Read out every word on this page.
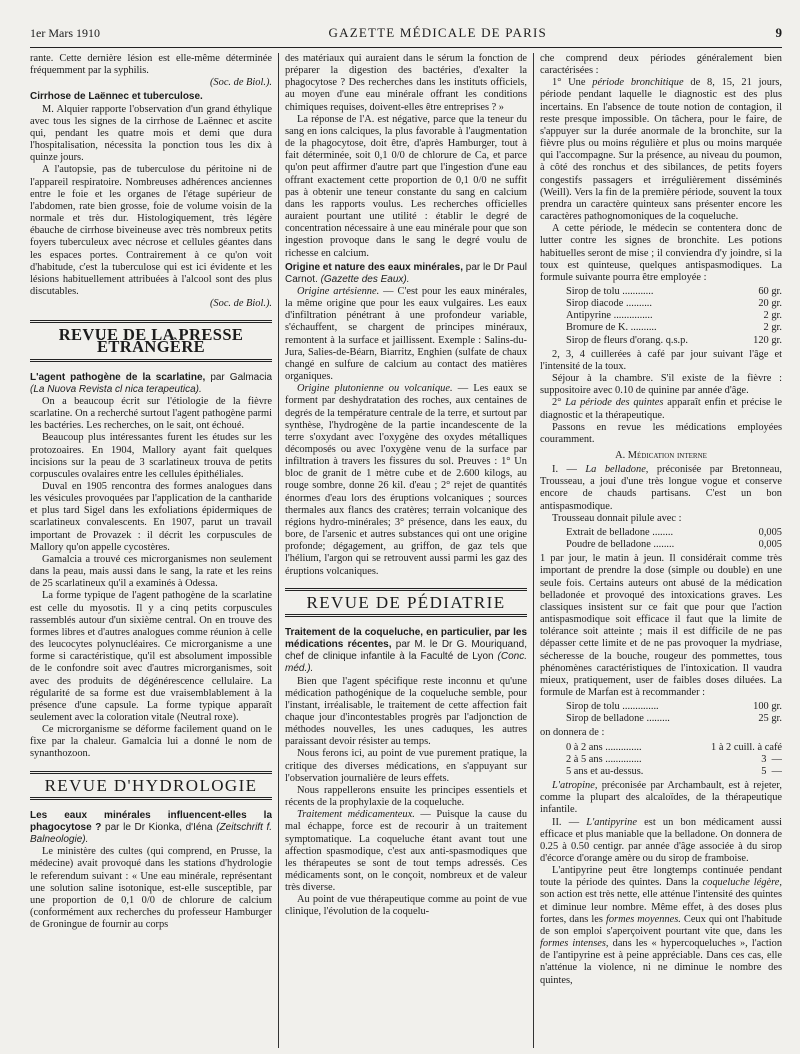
1er Mars 1910	GAZETTE MÉDICALE DE PARIS	9

rante. Cette dernière lésion est elle-même déterminée fréquemment par la syphilis.

(Soc. de Biol.).

Cirrhose de Laënnec et tuberculose.

M. Alquier rapporte l'observation d'un grand éthylique avec tous les signes de la cirrhose de Laënnec et ascite qui, pendant les quatre mois et demi que dura l'hospitalisation, nécessita la ponction tous les dix à quinze jours.

A l'autopsie, pas de tuberculose du péritoine ni de l'appareil respiratoire. Nombreuses adhérences anciennes entre le foie et les organes de l'étage supérieur de l'abdomen, rate bien grosse, foie de volume voisin de la normale et très dur. Histologiquement, très légère ébauche de cirrhose biveineuse avec très nombreux petits foyers tuberculeux avec nécrose et cellules géantes dans les espaces portes. Contrairement à ce qu'on voit d'habitude, c'est la tuberculose qui est ici évidente et les lésions habituellement attribuées à l'alcool sont des plus discutables.

(Soc. de Biol.).

REVUE DE LA PRESSE ÉTRANGÈRE

L'agent pathogène de la scarlatine, par Galmacia (La Nuova Revista cl nica terapeutica).

On a beaucoup écrit sur l'étiologie de la fièvre scarlatine. On a recherché surtout l'agent pathogène parmi les bactéries. Les recherches, on le sait, ont échoué.

Beaucoup plus intéressantes furent les études sur les protozoaires. En 1904, Mallory ayant fait quelques incisions sur la peau de 3 scarlatineux trouva de petits corpuscules ovalaires entre les cellules épithéliales.

Duval en 1905 rencontra des formes analogues dans les vésicules provoquées par l'application de la cantharide et plus tard Sigel dans les exfoliations épidermiques de scarlatineux convalescents. En 1907, parut un travail important de Provazek : il décrit les corpuscules de Mallory qu'on appelle cycostères.

Gamalcia a trouvé ces microrganismes non seulement dans la peau, mais aussi dans le sang, la rate et les reins de 25 scarlatineux qu'il a examinés à Odessa.

La forme typique de l'agent pathogène de la scarlatine est celle du myosotis. Il y a cinq petits corpuscules rassemblés autour d'un sixième central. On en trouve des formes libres et d'autres analogues comme réunion à celle des leucocytes polynucléaires. Ce microrganisme a une forme si caractéristique, qu'il est absolument impossible de le confondre soit avec d'autres microrganismes, soit avec des produits de dégénérescence cellulaire. La régularité de sa forme est due vraisemblablement à la présence d'une capsule. La forme typique apparaît seulement avec la coloration vitale (Neutral roxe).

Ce microrganisme se déforme facilement quand on le fixe par la chaleur. Gamalcia lui a donné le nom de synanthozoon.

REVUE D'HYDROLOGIE

Les eaux minérales influencent-elles la phagocytose ? par le Dr Kionka, d'Iéna (Zeitschrift f. Balneologie).

Le ministère des cultes (qui comprend, en Prusse, la médecine) avait provoqué dans les stations d'hydrologie le referendum suivant : « Une eau minérale, représentant une solution saline isotonique, est-elle susceptible, par une proportion de 0,1 0/0 de chlorure de calcium (conformément aux recherches du professeur Hamburger de Groningue de fournir au corps

des matériaux qui auraient dans le sérum la fonction de préparer la digestion des bactéries, d'exalter la phagocytose ? Des recherches dans les instituts officiels, au moyen d'une eau minérale offrant les conditions chimiques requises, doivent-elles être entreprises ? »

La réponse de l'A. est négative, parce que la teneur du sang en ions calciques, la plus favorable à l'augmentation de la phagocytose, doit être, d'après Hamburger, tout à fait déterminée, soit 0,1 0/0 de chlorure de Ca, et parce qu'on peut affirmer d'autre part que l'ingestion d'une eau offrant exactement cette proportion de 0,1 0/0 ne suffit pas à obtenir une teneur constante du sang en calcium dans les rapports voulus. Les recherches officielles auraient pourtant une utilité : établir le degré de concentration nécessaire à une eau minérale pour que son ingestion provoque dans le sang le degré voulu de richesse en calcium.

Origine et nature des eaux minérales, par le Dr Paul Carnot. (Gazette des Eaux).

Origine artésienne. — C'est pour les eaux minérales, la même origine que pour les eaux vulgaires. Les eaux d'infiltration pénétrant à une profondeur variable, s'échauffent, se chargent de principes minéraux, remontent à la surface et jaillissent. Exemple : Salins-du-Jura, Salies-de-Béarn, Biarritz, Enghien (sulfate de chaux changé en sulfure de calcium au contact des matières organiques.

Origine plutonienne ou volcanique. — Les eaux se forment par deshydratation des roches, aux centaines de degrés de la température centrale de la terre, et surtout par synthèse, l'hydrogène de la partie incandescente de la terre s'oxydant avec l'oxygène des oxydes métalliques décomposés ou avec l'oxygène venu de la surface par infiltration à travers les fissures du sol. Preuves : 1° Un bloc de granit de 1 mètre cube et de 2.600 kilogs, au rouge sombre, donne 26 kil. d'eau ; 2° rejet de quantités énormes d'eau lors des éruptions volcaniques ; sources thermales aux flancs des cratères; terrain volcanique des régions hydro-minérales; 3° présence, dans les eaux, du bore, de l'arsenic et autres substances qui ont une origine profonde; dégagement, au griffon, de gaz tels que l'hélium, l'argon qui se retrouvent aussi parmi les gaz des éruptions volcaniques.

REVUE DE PÉDIATRIE

Traitement de la coqueluche, en particulier, par les médications récentes, par M. le Dr G. Mouriquand, chef de clinique infantile à la Faculté de Lyon (Conc. méd.).

Bien que l'agent spécifique reste inconnu et qu'une médication pathogénique de la coqueluche semble, pour l'instant, irréalisable, le traitement de cette affection fait chaque jour d'incontestables progrès par l'adjonction de méthodes nouvelles, les unes caduques, les autres paraissant devoir résister au temps.

Nous ferons ici, au point de vue purement pratique, la critique des diverses médications, en s'appuyant sur l'observation journalière de leurs effets.

Nous rappellerons ensuite les principes essentiels et récents de la prophylaxie de la coqueluche.

Traitement médicamenteux. — Puisque la cause du mal échappe, force est de recourir à un traitement symptomatique. La coqueluche étant avant tout une affection spasmodique, c'est aux anti-spasmodiques que les thérapeutes se sont de tout temps adressés. Ces médicaments sont, on le conçoit, nombreux et de valeur très diverse.

Au point de vue thérapeutique comme au point de vue clinique, l'évolution de la coquelu-

che comprend deux périodes généralement bien caractérisées :

1° Une période bronchitique de 8, 15, 21 jours, période pendant laquelle le diagnostic est des plus incertains. En l'absence de toute notion de contagion, il reste presque impossible. On tâchera, pour le faire, de s'appuyer sur la durée anormale de la bronchite, sur la fièvre plus ou moins régulière et plus ou moins marquée qui l'accompagne. Sur la présence, au niveau du poumon, à côté des ronchus et des sibilances, de petits foyers congestifs passagers et irrégulièrement disséminés (Weill). Vers la fin de la première période, souvent la toux prendra un caractère quinteux sans présenter encore les caractères pathognomoniques de la coqueluche.

A cette période, le médecin se contentera donc de lutter contre les signes de bronchite. Les potions habituelles seront de mise ; il conviendra d'y joindre, si la toux est quinteuse, quelques antispasmodiques. La formule suivante pourra être employée :

Sirop de tolu ............	60 gr.
Sirop diacode ..........	20 gr.
Antipyrine ...............	2 gr.
Bromure de K. ..........	2 gr.
Sirop de fleurs d'orang. q.s.p.	120 gr.

2, 3, 4 cuillerées à café par jour suivant l'âge et l'intensité de la toux.

Séjour à la chambre. S'il existe de la fièvre : suppositoire avec 0.10 de quinine par année d'âge.

2° La période des quintes apparaît enfin et précise le diagnostic et la thérapeutique.

Passons en revue les médications employées couramment.

A. Médication interne

I. — La belladone, préconisée par Bretonneau, Trousseau, a joui d'une très longue vogue et conserve encore de chauds partisans. C'est un bon antispasmodique.

Trousseau donnait pilule avec :

Extrait de belladone ........	0,005
Poudre de belladone ........	0,005

1 par jour, le matin à jeun. Il considérait comme très important de prendre la dose (simple ou double) en une seule fois. Certains auteurs ont abusé de la médication belladonée et provoqué des intoxications graves. Les classiques insistent sur ce fait que pour que l'action antispasmodique soit efficace il faut que la limite de tolérance soit atteinte ; mais il est difficile de ne pas dépasser cette limite et de ne pas provoquer la mydriase, sécheresse de la bouche, rougeur des pommettes, tous phénomènes caractéristiques de l'intoxication. Il vaudra mieux, pratiquement, user de faibles doses diluées. La formule de Marfan est à recommander :

Sirop de tolu ..............	100 gr.
Sirop de belladone .........	25 gr.

on donnera de :

0 à 2 ans ..............	1 à 2 cuill. à café
2 à 5 ans ..............	3  —
5 ans et au-dessus.	5  —

L'atropine, préconisée par Archambault, est à rejeter, comme la plupart des alcaloïdes, de la thérapeutique infantile.

II. — L'antipyrine est un bon médicament aussi efficace et plus maniable que la belladone. On donnera de 0.25 à 0.50 centigr. par année d'âge associée à du sirop d'écorce d'orange amère ou du sirop de framboise.

L'antipyrine peut être longtemps continuée pendant toute la période des quintes. Dans la coqueluche légère, son action est très nette, elle atténue l'intensité des quintes et diminue leur nombre. Même effet, à des doses plus fortes, dans les formes moyennes. Ceux qui ont l'habitude de son emploi s'aperçoivent pourtant vite que, dans les formes intenses, dans les « hypercoqueluches », l'action de l'antipyrine est à peine appréciable. Dans ces cas, elle n'atténue la violence, ni ne diminue le nombre des quintes,
